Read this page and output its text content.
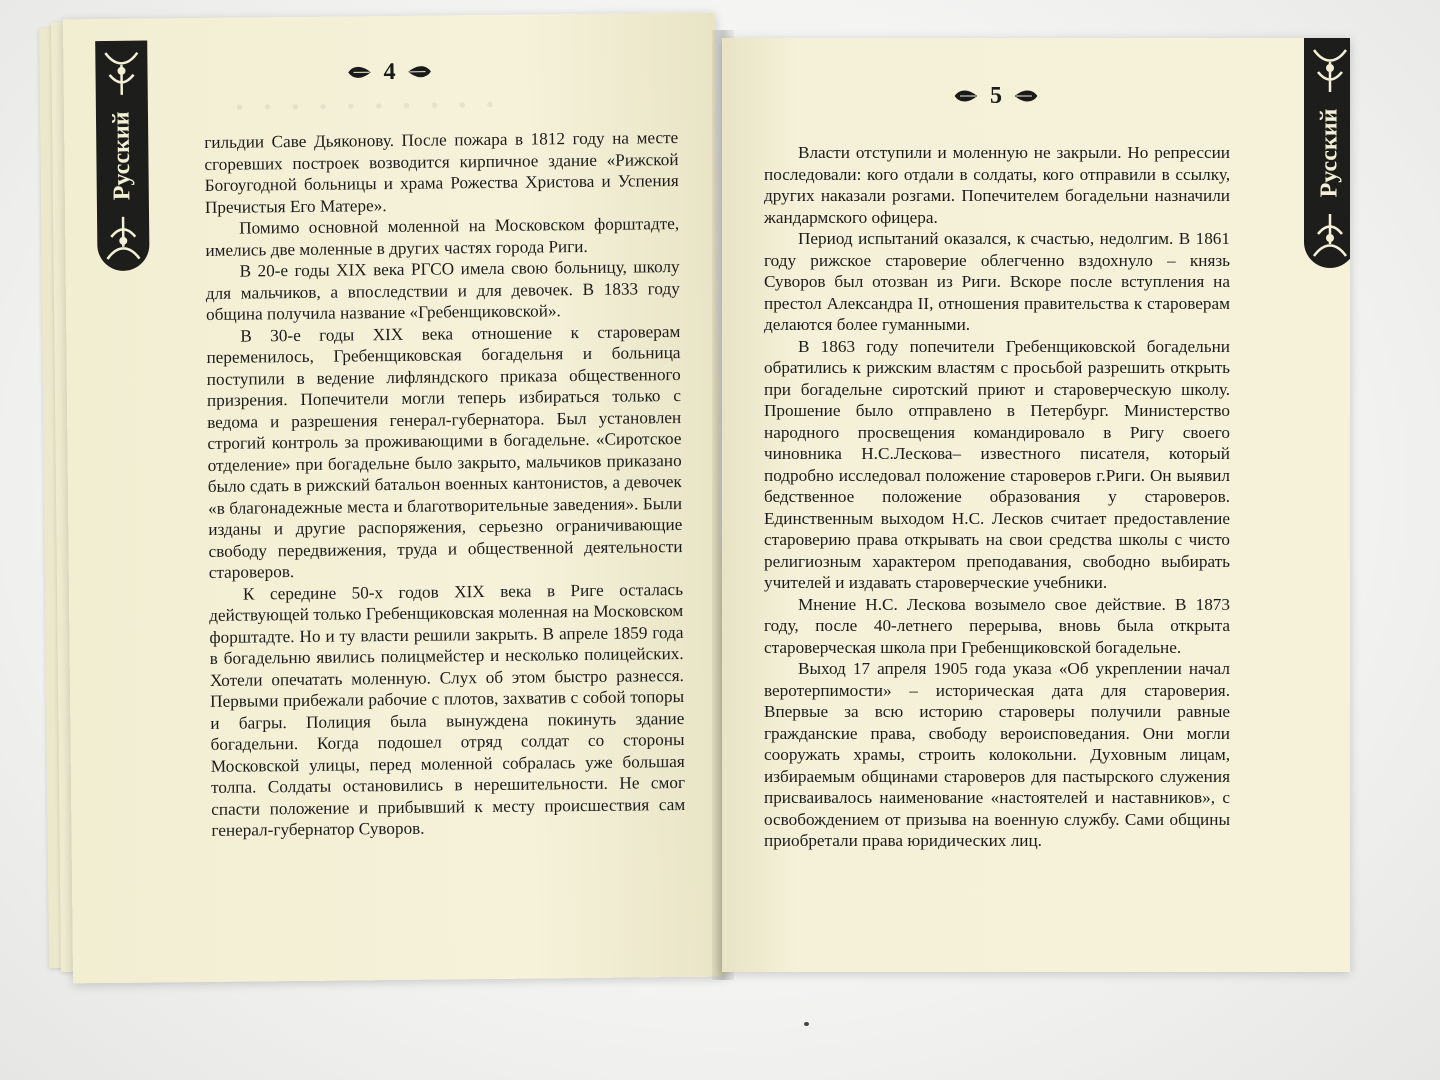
Русский
· · · · · · · · · ·
4

гильдии Саве Дьяконову. После пожара в 1812 году на месте сгоревших построек возводится кирпичное здание «Рижской Богоугодной больницы и храма Рожества Христова и Успения Пречистыя Его Матере».

Помимо основной моленной на Московском форштадте, имелись две моленные в других частях города Риги.

В 20-е годы XIX века РГСО имела свою больницу, школу для мальчиков, а впоследствии и для девочек. В 1833 году община получила название «Гребенщиковской».

В 30-е годы XIX века отношение к староверам переменилось, Гребенщиковская богадельня и больница поступили в ведение лифляндского приказа общественного призрения. Попечители могли теперь избираться только с ведома и разрешения генерал-губернатора. Был установлен строгий контроль за проживающими в богадельне. «Сиротское отделение» при богадельне было закрыто, мальчиков приказано было сдать в рижский батальон военных кантонистов, а девочек «в благонадежные места и благотворительные заведения». Были изданы и другие распоряжения, серьезно ограничивающие свободу передвижения, труда и общественной деятельности староверов.

К середине 50-х годов XIX века в Риге осталась действующей только Гребенщиковская моленная на Московском форштадте. Но и ту власти решили закрыть. В апреле 1859 года в богадельню явились полицмейстер и несколько полицейских. Хотели опечатать моленную. Слух об этом быстро разнесся. Первыми прибежали рабочие с плотов, захватив с собой топоры и багры. Полиция была вынуждена покинуть здание богадельни. Когда подошел отряд солдат со стороны Московской улицы, перед моленной собралась уже большая толпа. Солдаты остановились в нерешительности. Не смог спасти положение и прибывший к месту происшествия сам генерал-губернатор Суворов.

Русский
5

Власти отступили и моленную не закрыли. Но репрессии последовали: кого отдали в солдаты, кого отправили в ссылку, других наказали розгами. Попечителем богадельни назначили жандармского офицера.

Период испытаний оказался, к счастью, недолгим. В 1861 году рижское староверие облегченно вздохнуло – князь Суворов был отозван из Риги. Вскоре после вступления на престол Александра II, отношения правительства к староверам делаются более гуманными.

В 1863 году попечители Гребенщиковской богадельни обратились к рижским властям с просьбой разрешить открыть при богадельне сиротский приют и староверческую школу. Прошение было отправлено в Петербург. Министерство народного просвещения командировало в Ригу своего чиновника Н.С.Лескова– известного писателя, который подробно исследовал положение староверов г.Риги. Он выявил бедственное положение образования у староверов. Единственным выходом Н.С. Лесков считает предоставление староверию права открывать на свои средства школы с чисто религиозным характером преподавания, свободно выбирать учителей и издавать староверческие учебники.

Мнение Н.С. Лескова возымело свое действие. В 1873 году, после 40-летнего перерыва, вновь была открыта староверческая школа при Гребенщиковской богадельне.

Выход 17 апреля 1905 года указа «Об укреплении начал веротерпимости» – историческая дата для староверия. Впервые за всю историю староверы получили равные гражданские права, свободу вероисповедания. Они могли сооружать храмы, строить колокольни. Духовным лицам, избираемым общинами староверов для пастырского служения присваивалось наименование «настоятелей и наставников», с освобождением от призыва на военную службу. Сами общины приобретали права юридических лиц.
